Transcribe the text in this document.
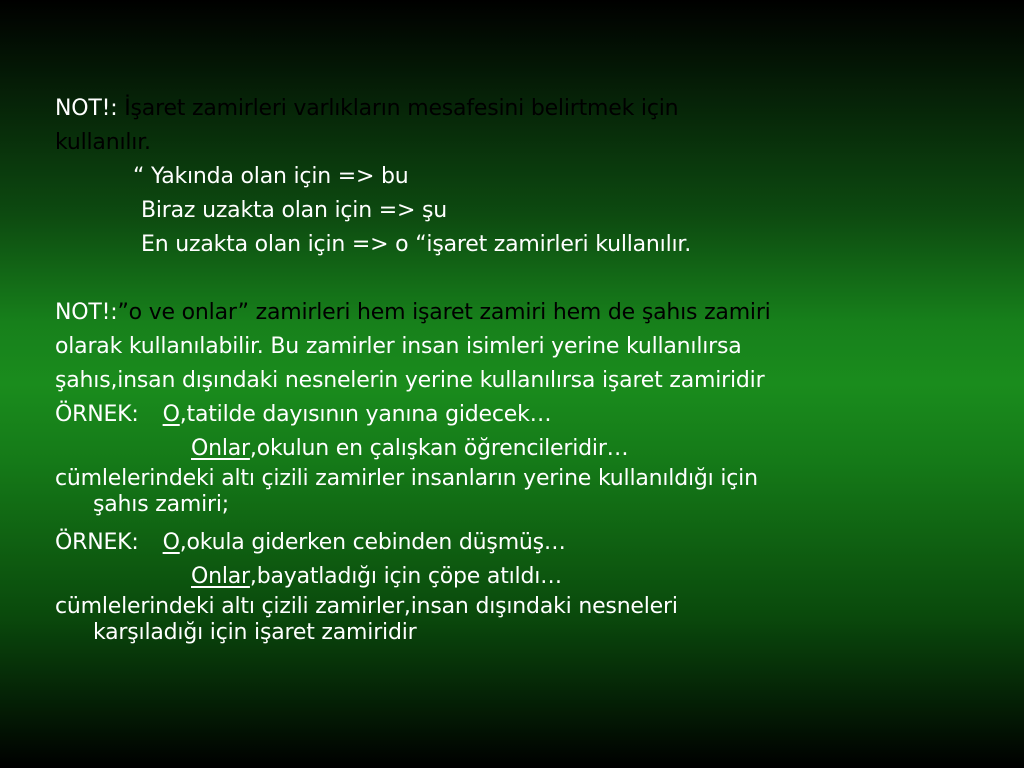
NOT!: İşaret zamirleri varlıkların mesafesini belirtmek için
kullanılır.
“ Yakında olan için => bu
Biraz uzakta olan için => şu
En uzakta olan için => o “işaret zamirleri kullanılır.
NOT!:”o ve onlar” zamirleri hem işaret zamiri hem de şahıs zamiri
olarak kullanılabilir. Bu zamirler insan isimleri yerine kullanılırsa
şahıs,insan dışındaki nesnelerin yerine kullanılırsa işaret zamiridir
ÖRNEK: O,tatilde dayısının yanına gidecek…
Onlar,okulun en çalışkan öğrencileridir…
cümlelerindeki altı çizili zamirler insanların yerine kullanıldığı için
şahıs zamiri;
ÖRNEK: O,okula giderken cebinden düşmüş…
Onlar,bayatladığı için çöpe atıldı…
cümlelerindeki altı çizili zamirler,insan dışındaki nesneleri
karşıladığı için işaret zamiridir
